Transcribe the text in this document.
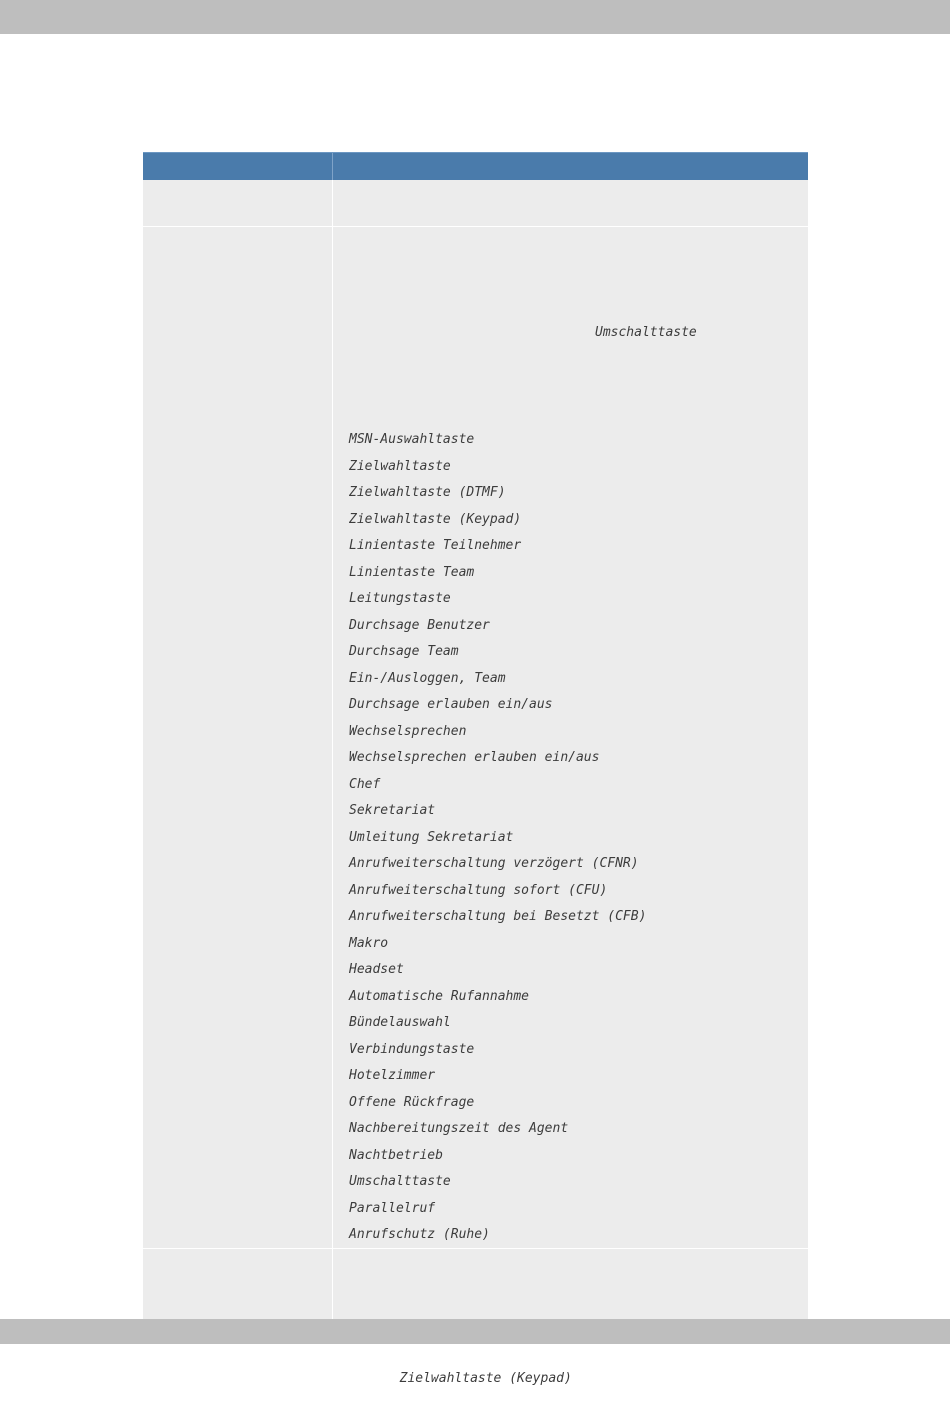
Umschalttaste
MSN-Auswahltaste
Zielwahltaste
Zielwahltaste (DTMF)
Zielwahltaste (Keypad)
Linientaste Teilnehmer
Linientaste Team
Leitungstaste
Durchsage Benutzer
Durchsage Team
Ein-/Ausloggen, Team
Durchsage erlauben ein/aus
Wechselsprechen
Wechselsprechen erlauben ein/aus
Chef
Sekretariat
Umleitung Sekretariat
Anrufweiterschaltung verzögert (CFNR)
Anrufweiterschaltung sofort (CFU)
Anrufweiterschaltung bei Besetzt (CFB)
Makro
Headset
Automatische Rufannahme
Bündelauswahl
Verbindungstaste
Hotelzimmer
Offene Rückfrage
Nachbereitungszeit des Agent
Nachtbetrieb
Umschalttaste
Parallelruf
Anrufschutz (Ruhe)

Zielwahltaste (Keypad)
